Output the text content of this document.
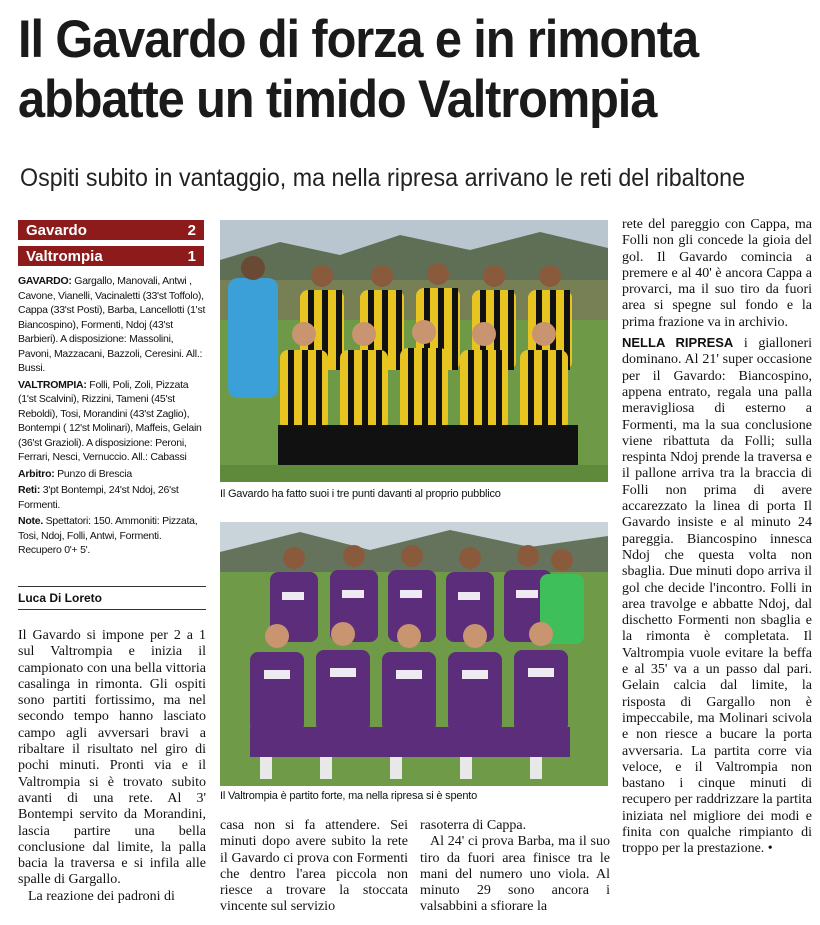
Il Gavardo di forza e in rimonta
abbatte un timido Valtrompia
Ospiti subito in vantaggio, ma nella ripresa arrivano le reti del ribaltone
Gavardo	2
Valtrompia	1

GAVARDO: Gargallo, Manovali, Antwi , Cavone, Vianelli, Vacinaletti (33'st Toffolo), Cappa (33'st Posti), Barba, Lancellotti (1'st Biancospino), Formenti, Ndoj (43'st Barbieri). A disposizione: Massolini, Pavoni, Mazzacani, Bazzoli, Ceresini. All.: Bussi.

VALTROMPIA: Folli, Poli, Zoli, Pizzata (1'st Scalvini), Rizzini, Tameni (45'st Reboldi), Tosi, Morandini (43'st Zaglio), Bontempi ( 12'st Molinari), Maffeis, Gelain (36'st Grazioli). A disposizione: Peroni, Ferrari, Nesci, Vernuccio. All.: Cabassi

Arbitro: Punzo di Brescia

Reti: 3'pt Bontempi, 24'st Ndoj, 26'st Formenti.

Note. Spettatori: 150. Ammoniti: Pizzata, Tosi, Ndoj, Folli, Antwi, Formenti. Recupero 0'+ 5'.

Luca Di Loreto

Il Gavardo si impone per 2 a 1 sul Valtrompia e inizia il campionato con una bella vittoria casalinga in rimonta. Gli ospiti sono partiti fortissimo, ma nel secondo tempo hanno lasciato campo agli avversari bravi a ribaltare il risultato nel giro di pochi minuti. Pronti via e il Valtrompia si è trovato subito avanti di una rete. Al 3' Bontempi servito da Morandini, lascia partire una bella conclusione dal limite, la palla bacia la traversa e si infila alle spalle di Gargallo.

La reazione dei padroni di

casa non si fa attendere. Sei minuti dopo avere subito la rete il Gavardo ci prova con Formenti che dentro l'area piccola non riesce a trovare la stoccata vincente sul servizio

rasoterra di Cappa.

Al 24' ci prova Barba, ma il suo tiro da fuori area finisce tra le mani del numero uno viola. Al minuto 29 sono ancora i valsabbini a sfiorare la

rete del pareggio con Cappa, ma Folli non gli concede la gioia del gol. Il Gavardo comincia a premere e al 40' è ancora Cappa a provarci, ma il suo tiro da fuori area si spegne sul fondo e la prima frazione va in archivio.

NELLA RIPRESA i gialloneri dominano. Al 21' super occasione per il Gavardo: Biancospino, appena entrato, regala una palla meravigliosa di esterno a Formenti, ma la sua conclusione viene ribattuta da Folli; sulla respinta Ndoj prende la traversa e il pallone arriva tra la braccia di Folli non prima di avere accarezzato la linea di porta Il Gavardo insiste e al minuto 24 pareggia. Biancospino innesca Ndoj che questa volta non sbaglia. Due minuti dopo arriva il gol che decide l'incontro. Folli in area travolge e abbatte Ndoj, dal dischetto Formenti non sbaglia e la rimonta è completata. Il Valtrompia vuole evitare la beffa e al 35' va a un passo dal pari. Gelain calcia dal limite, la risposta di Gargallo non è impeccabile, ma Molinari scivola e non riesce a bucare la porta avversaria. La partita corre via veloce, e il Valtrompia non bastano i cinque minuti di recupero per raddrizzare la partita iniziata nel migliore dei modi e finita con qualche rimpianto di troppo per la prestazione. •

Il Gavardo ha fatto suoi i tre punti davanti al proprio pubblico
Il Valtrompia è partito forte, ma nella ripresa si è spento
